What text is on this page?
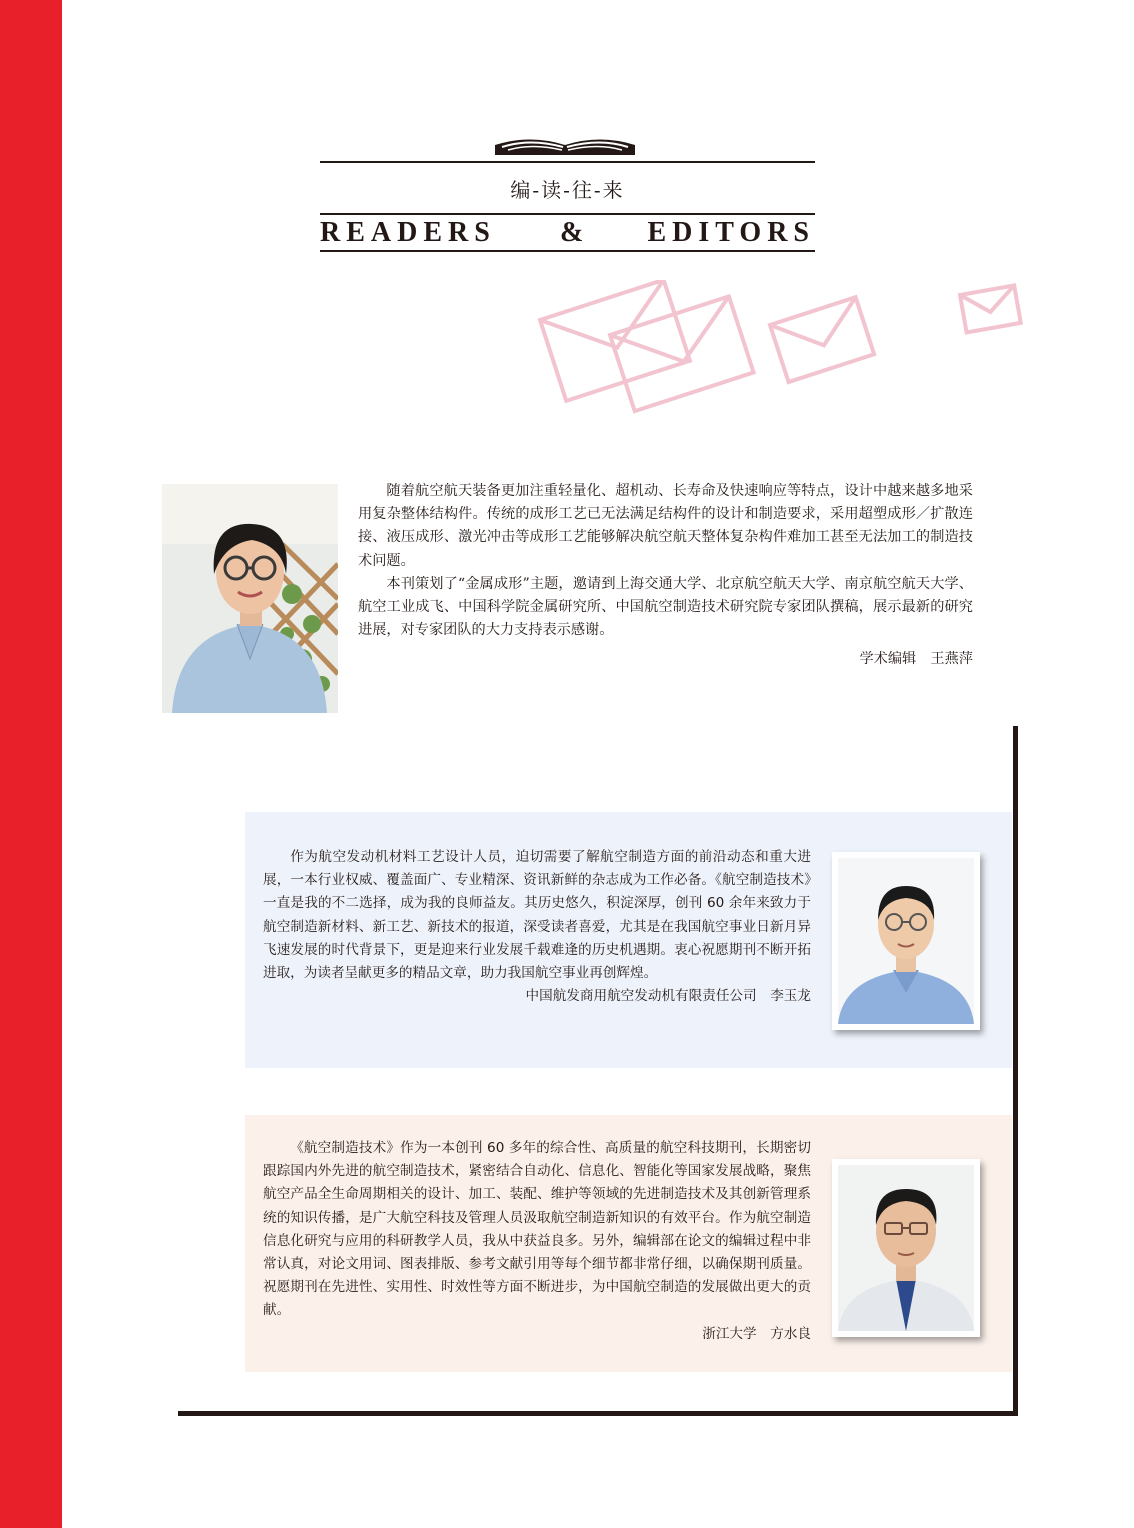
编-读-往-来
READERS & EDITORS

随着航空航天装备更加注重轻量化、超机动、长寿命及快速响应等特点，设计中越来越多地采用复杂整体结构件。传统的成形工艺已无法满足结构件的设计和制造要求，采用超塑成形／扩散连接、液压成形、激光冲击等成形工艺能够解决航空航天整体复杂构件难加工甚至无法加工的制造技术问题。

本刊策划了“金属成形”主题，邀请到上海交通大学、北京航空航天大学、南京航空航天大学、航空工业成飞、中国科学院金属研究所、中国航空制造技术研究院专家团队撰稿，展示最新的研究进展，对专家团队的大力支持表示感谢。

学术编辑　王燕萍

作为航空发动机材料工艺设计人员，迫切需要了解航空制造方面的前沿动态和重大进展，一本行业权威、覆盖面广、专业精深、资讯新鲜的杂志成为工作必备。《航空制造技术》一直是我的不二选择，成为我的良师益友。其历史悠久，积淀深厚，创刊 60 余年来致力于航空制造新材料、新工艺、新技术的报道，深受读者喜爱，尤其是在我国航空事业日新月异飞速发展的时代背景下，更是迎来行业发展千载难逢的历史机遇期。衷心祝愿期刊不断开拓进取，为读者呈献更多的精品文章，助力我国航空事业再创辉煌。

中国航发商用航空发动机有限责任公司　李玉龙

《航空制造技术》作为一本创刊 60 多年的综合性、高质量的航空科技期刊，长期密切跟踪国内外先进的航空制造技术，紧密结合自动化、信息化、智能化等国家发展战略，聚焦航空产品全生命周期相关的设计、加工、装配、维护等领域的先进制造技术及其创新管理系统的知识传播，是广大航空科技及管理人员汲取航空制造新知识的有效平台。作为航空制造信息化研究与应用的科研教学人员，我从中获益良多。另外，编辑部在论文的编辑过程中非常认真，对论文用词、图表排版、参考文献引用等每个细节都非常仔细，以确保期刊质量。祝愿期刊在先进性、实用性、时效性等方面不断进步，为中国航空制造的发展做出更大的贡献。

浙江大学　方水良
